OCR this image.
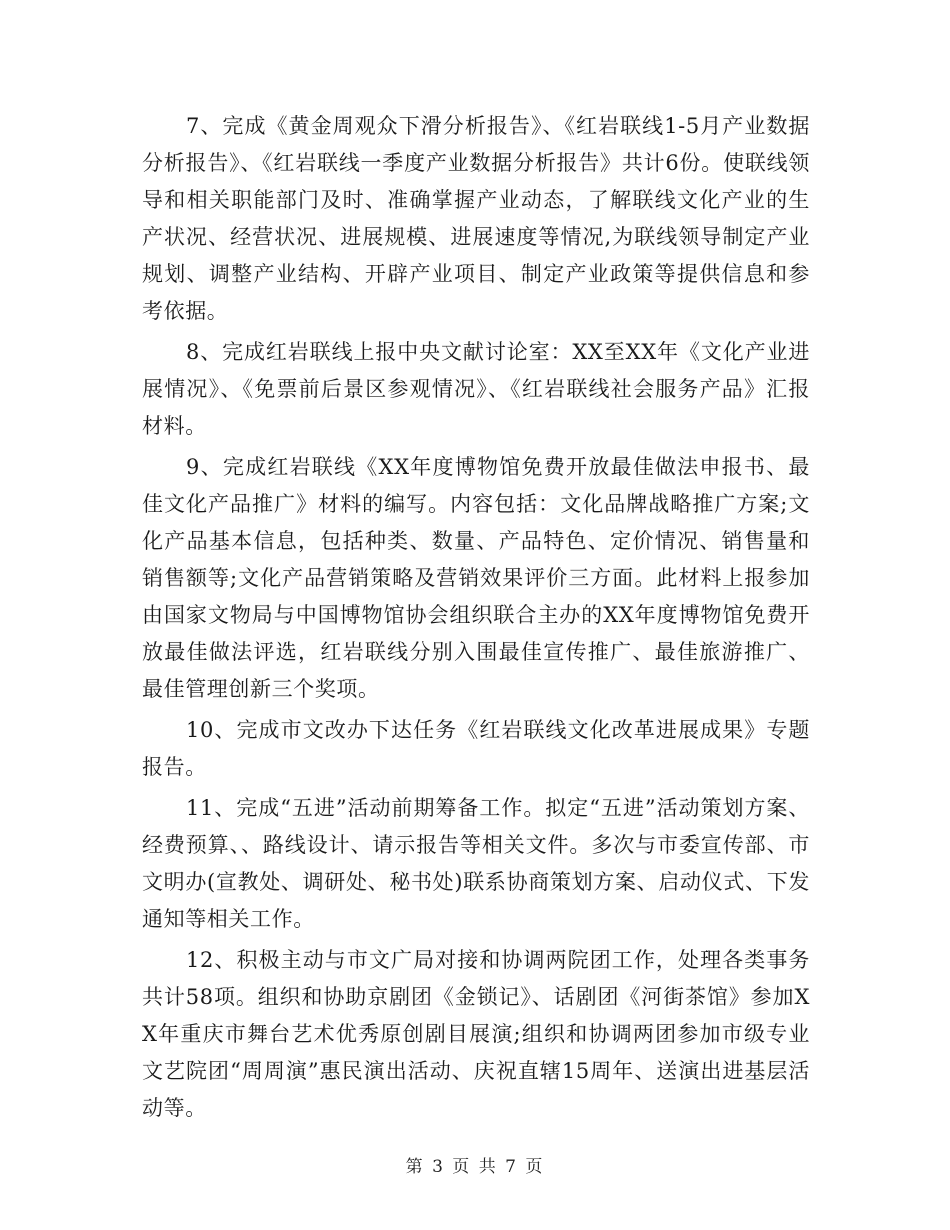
7、完成《黄金周观众下滑分析报告》、《红岩联线1-5月产业数据分析报告》、《红岩联线一季度产业数据分析报告》共计6份。使联线领导和相关职能部门及时、准确掌握产业动态，了解联线文化产业的生产状况、经营状况、进展规模、进展速度等情况,为联线领导制定产业规划、调整产业结构、开辟产业项目、制定产业政策等提供信息和参考依据。

8、完成红岩联线上报中央文献讨论室：XX至XX年《文化产业进展情况》、《免票前后景区参观情况》、《红岩联线社会服务产品》汇报材料。

9、完成红岩联线《XX年度博物馆免费开放最佳做法申报书、最佳文化产品推广》材料的编写。内容包括：文化品牌战略推广方案;文化产品基本信息，包括种类、数量、产品特色、定价情况、销售量和销售额等;文化产品营销策略及营销效果评价三方面。此材料上报参加由国家文物局与中国博物馆协会组织联合主办的XX年度博物馆免费开放最佳做法评选，红岩联线分别入围最佳宣传推广、最佳旅游推广、最佳管理创新三个奖项。

10、完成市文改办下达任务《红岩联线文化改革进展成果》专题报告。

11、完成“五进”活动前期筹备工作。拟定“五进”活动策划方案、经费预算、、路线设计、请示报告等相关文件。多次与市委宣传部、市文明办(宣教处、调研处、秘书处)联系协商策划方案、启动仪式、下发通知等相关工作。

12、积极主动与市文广局对接和协调两院团工作，处理各类事务共计58项。组织和协助京剧团《金锁记》、话剧团《河街茶馆》参加XX年重庆市舞台艺术优秀原创剧目展演;组织和协调两团参加市级专业文艺院团“周周演”惠民演出活动、庆祝直辖15周年、送演出进基层活动等。

第 3 页 共 7 页
